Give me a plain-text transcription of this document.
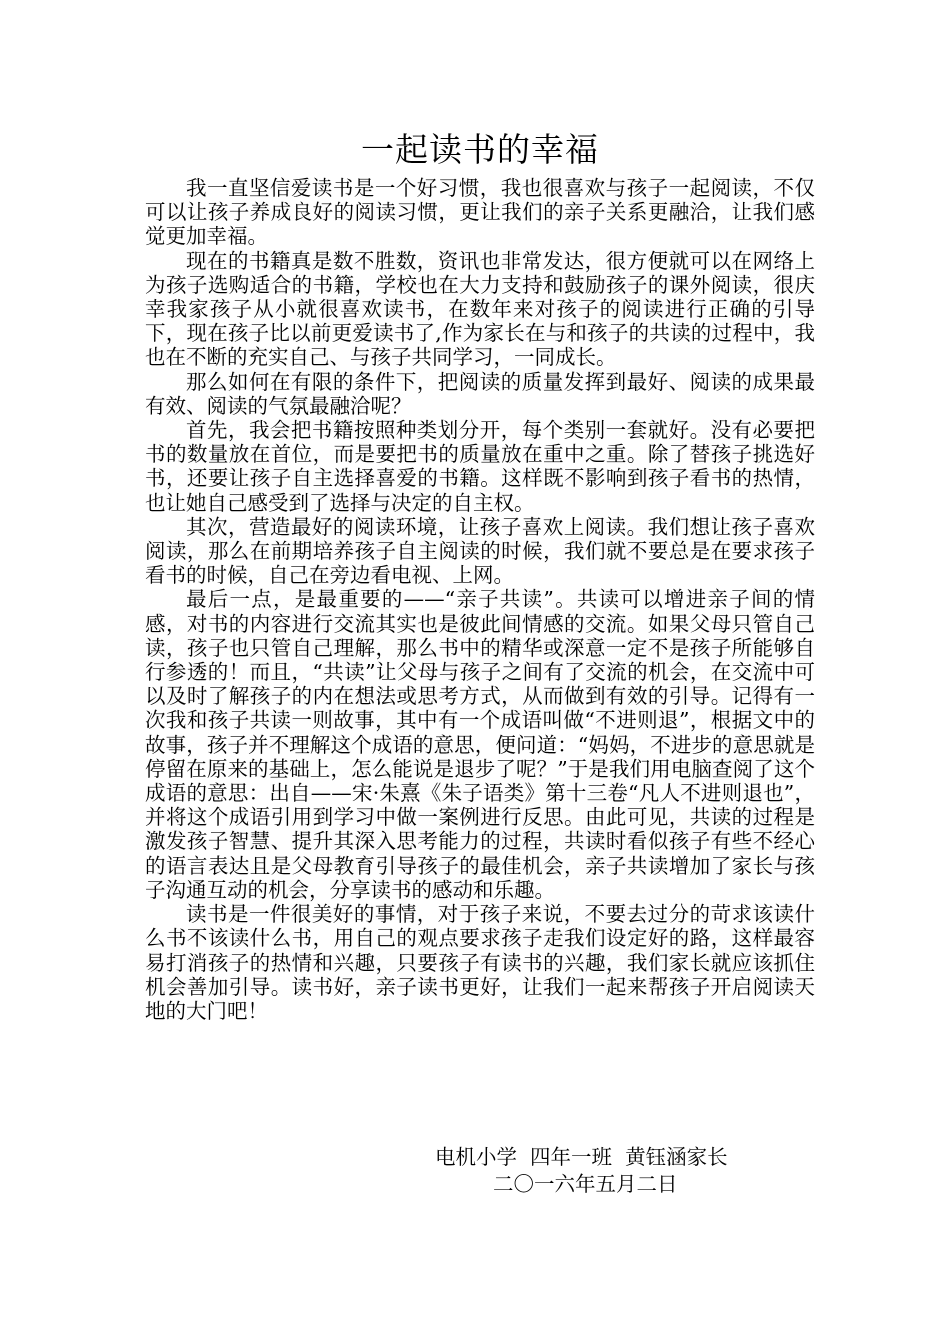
一起读书的幸福

我一直坚信爱读书是一个好习惯，我也很喜欢与孩子一起阅读，不仅可以让孩子养成良好的阅读习惯，更让我们的亲子关系更融洽，让我们感觉更加幸福。

现在的书籍真是数不胜数，资讯也非常发达，很方便就可以在网络上为孩子选购适合的书籍，学校也在大力支持和鼓励孩子的课外阅读，很庆幸我家孩子从小就很喜欢读书，在数年来对孩子的阅读进行正确的引导下，现在孩子比以前更爱读书了,作为家长在与和孩子的共读的过程中，我也在不断的充实自己、与孩子共同学习，一同成长。

那么如何在有限的条件下，把阅读的质量发挥到最好、阅读的成果最有效、阅读的气氛最融洽呢？

首先，我会把书籍按照种类划分开，每个类别一套就好。没有必要把书的数量放在首位，而是要把书的质量放在重中之重。除了替孩子挑选好书，还要让孩子自主选择喜爱的书籍。这样既不影响到孩子看书的热情，也让她自己感受到了选择与决定的自主权。

其次，营造最好的阅读环境，让孩子喜欢上阅读。我们想让孩子喜欢阅读，那么在前期培养孩子自主阅读的时候，我们就不要总是在要求孩子看书的时候，自己在旁边看电视、上网。

最后一点，是最重要的——“亲子共读”。共读可以增进亲子间的情感，对书的内容进行交流其实也是彼此间情感的交流。如果父母只管自己读，孩子也只管自己理解，那么书中的精华或深意一定不是孩子所能够自行参透的！而且，“共读”让父母与孩子之间有了交流的机会，在交流中可以及时了解孩子的内在想法或思考方式，从而做到有效的引导。记得有一次我和孩子共读一则故事，其中有一个成语叫做“不进则退”，根据文中的故事，孩子并不理解这个成语的意思，便问道：“妈妈，不进步的意思就是停留在原来的基础上，怎么能说是退步了呢？”于是我们用电脑查阅了这个成语的意思：出自——宋·朱熹《朱子语类》第十三卷“凡人不进则退也”，并将这个成语引用到学习中做一案例进行反思。由此可见，共读的过程是激发孩子智慧、提升其深入思考能力的过程，共读时看似孩子有些不经心的语言表达且是父母教育引导孩子的最佳机会，亲子共读增加了家长与孩子沟通互动的机会，分享读书的感动和乐趣。

读书是一件很美好的事情，对于孩子来说，不要去过分的苛求该读什么书不该读什么书，用自己的观点要求孩子走我们设定好的路，这样最容易打消孩子的热情和兴趣，只要孩子有读书的兴趣，我们家长就应该抓住机会善加引导。读书好，亲子读书更好，让我们一起来帮孩子开启阅读天地的大门吧！

电机小学  四年一班  黄钰涵家长
二〇一六年五月二日
